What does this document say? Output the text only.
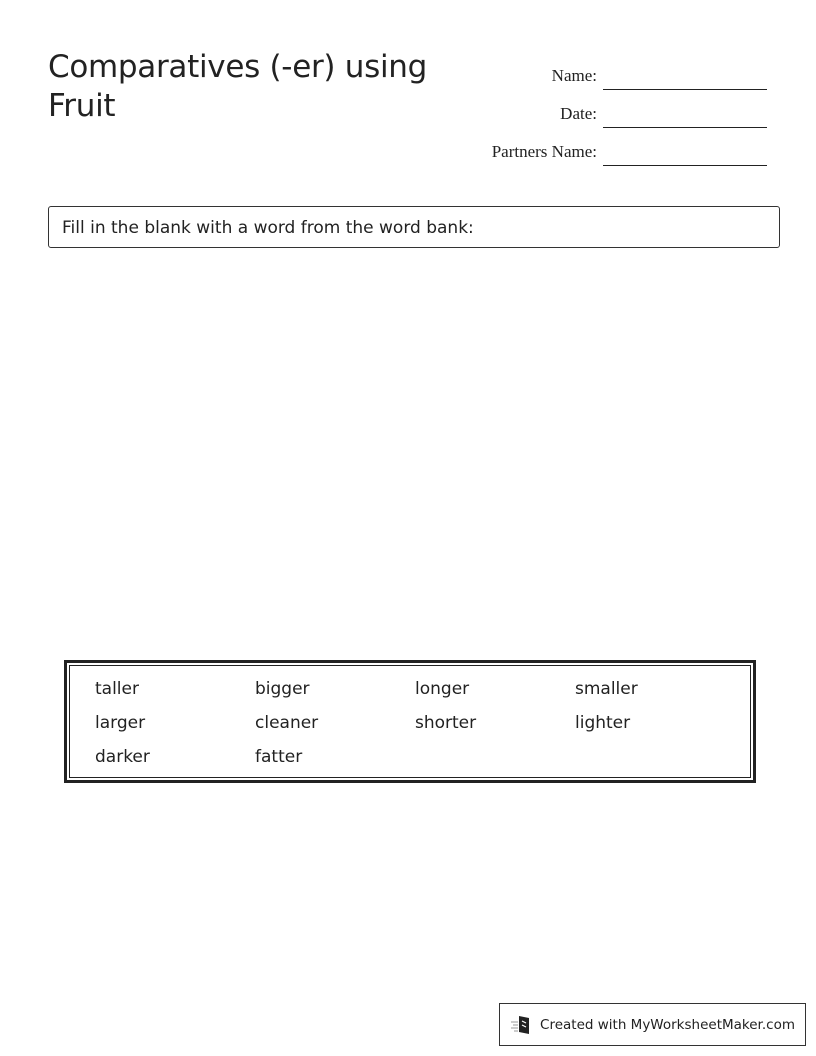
Comparatives (-er) using Fruit
Name:
Date:
Partners Name:
Fill in the blank with a word from the word bank:
taller	bigger	longer	smaller
larger	cleaner	shorter	lighter
darker	fatter
Created with MyWorksheetMaker.com
